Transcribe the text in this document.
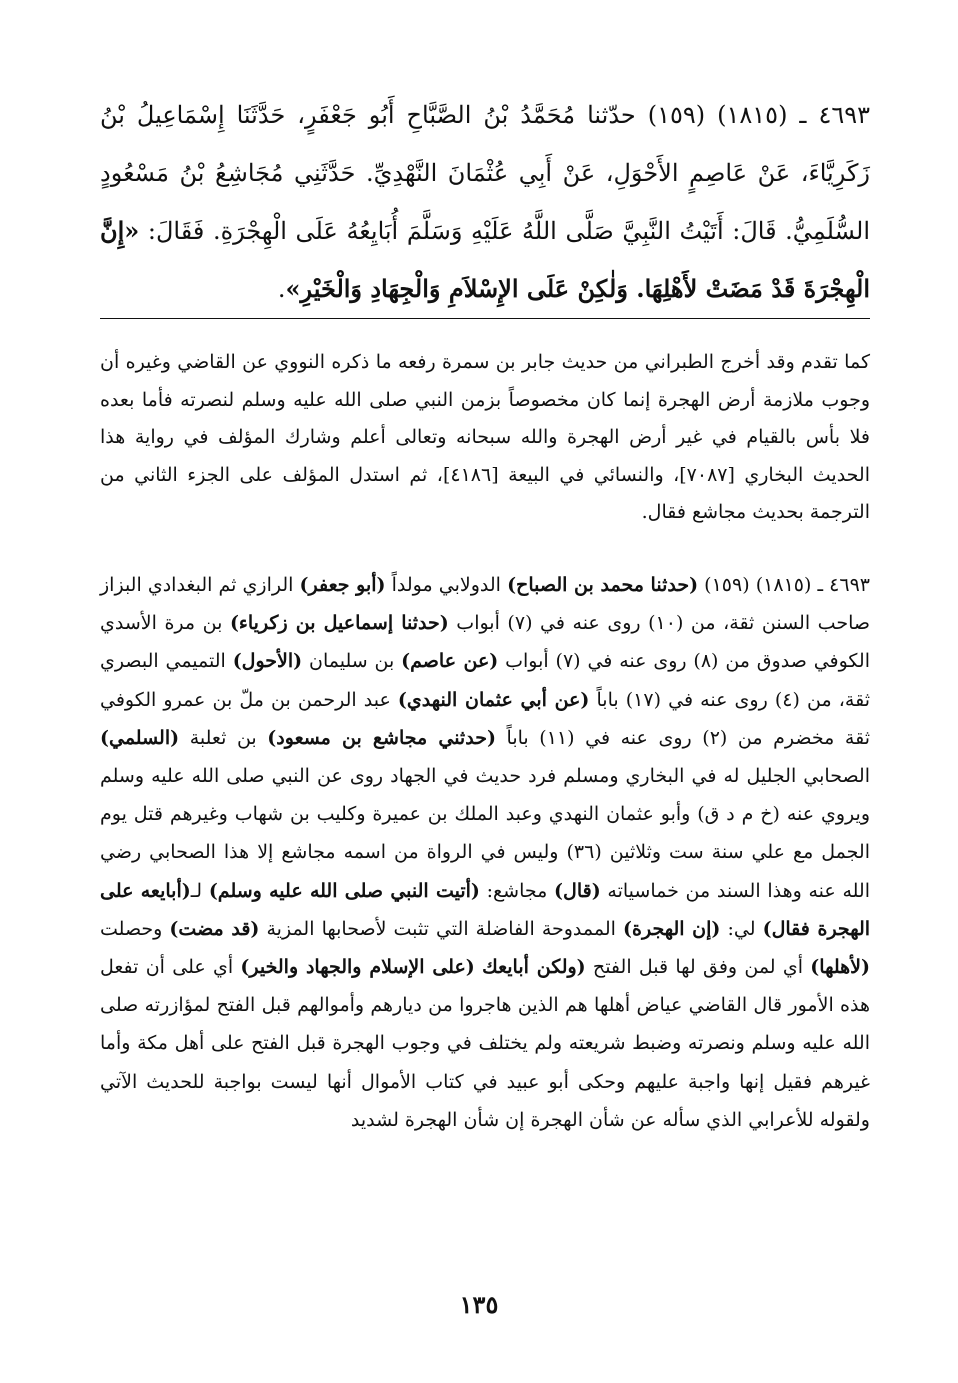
٤٦٩٣ ـ (١٨١٥) (١٥٩) حدّثنا مُحَمَّدُ بْنُ الصَّبَّاحِ أَبُو جَعْفَرٍ، حَدَّثَنَا إِسْمَاعِيلُ بْنُ زَكَرِيَّاءَ، عَنْ عَاصِمٍ الأَحْوَلِ، عَنْ أَبِي عُثْمَانَ النَّهْدِيِّ. حَدَّثَنِي مُجَاشِعُ بْنُ مَسْعُودٍ السُّلَمِيُّ. قَالَ: أَتَيْتُ النَّبِيَّ صَلَّى اللَّهُ عَلَيْهِ وَسَلَّمَ أُبَايِعُهُ عَلَى الْهِجْرَةِ. فَقَالَ: «إِنَّ الْهِجْرَةَ قَدْ مَضَتْ لأَهْلِهَا. وَلٰكِنْ عَلَى الإِسْلاَمِ وَالْجِهَادِ وَالْخَيْرِ».
كما تقدم وقد أخرج الطبراني من حديث جابر بن سمرة رفعه ما ذكره النووي عن القاضي وغيره أن وجوب ملازمة أرض الهجرة إنما كان مخصوصاً بزمن النبي صلى الله عليه وسلم لنصرته فأما بعده فلا بأس بالقيام في غير أرض الهجرة والله سبحانه وتعالى أعلم وشارك المؤلف في رواية هذا الحديث البخاري [٧٠٨٧]، والنسائي في البيعة [٤١٨٦]، ثم استدل المؤلف على الجزء الثاني من الترجمة بحديث مجاشع فقال.
٤٦٩٣ ـ (١٨١٥) (١٥٩) (حدثنا محمد بن الصباح) الدولابي مولداً (أبو جعفر) الرازي ثم البغدادي البزاز صاحب السنن ثقة، من (١٠) روى عنه في (٧) أبواب (حدثنا إسماعيل بن زكرياء) بن مرة الأسدي الكوفي صدوق من (٨) روى عنه في (٧) أبواب (عن عاصم) بن سليمان (الأحول) التميمي البصري ثقة، من (٤) روى عنه في (١٧) باباً (عن أبي عثمان النهدي) عبد الرحمن بن ملّ بن عمرو الكوفي ثقة مخضرم من (٢) روى عنه في (١١) باباً (حدثني مجاشع بن مسعود) بن ثعلبة (السلمي) الصحابي الجليل له في البخاري ومسلم فرد حديث في الجهاد روى عن النبي صلى الله عليه وسلم ويروي عنه (خ م د ق) وأبو عثمان النهدي وعبد الملك بن عميرة وكليب بن شهاب وغيرهم قتل يوم الجمل مع علي سنة ست وثلاثين (٣٦) وليس في الرواة من اسمه مجاشع إلا هذا الصحابي رضي الله عنه وهذا السند من خماسياته (قال) مجاشع: (أتيت النبي صلى الله عليه وسلم) لـ(أبايعه على الهجرة فقال) لي: (إن الهجرة) الممدوحة الفاضلة التي تثبت لأصحابها المزية (قد مضت) وحصلت (لأهلها) أي لمن وفق لها قبل الفتح (ولكن أبايعك (على الإسلام والجهاد والخير) أي على أن تفعل هذه الأمور قال القاضي عياض أهلها هم الذين هاجروا من ديارهم وأموالهم قبل الفتح لمؤازرته صلى الله عليه وسلم ونصرته وضبط شريعته ولم يختلف في وجوب الهجرة قبل الفتح على أهل مكة وأما غيرهم فقيل إنها واجبة عليهم وحكى أبو عبيد في كتاب الأموال أنها ليست بواجبة للحديث الآتي ولقوله للأعرابي الذي سأله عن شأن الهجرة إن شأن الهجرة لشديد
١٣٥
